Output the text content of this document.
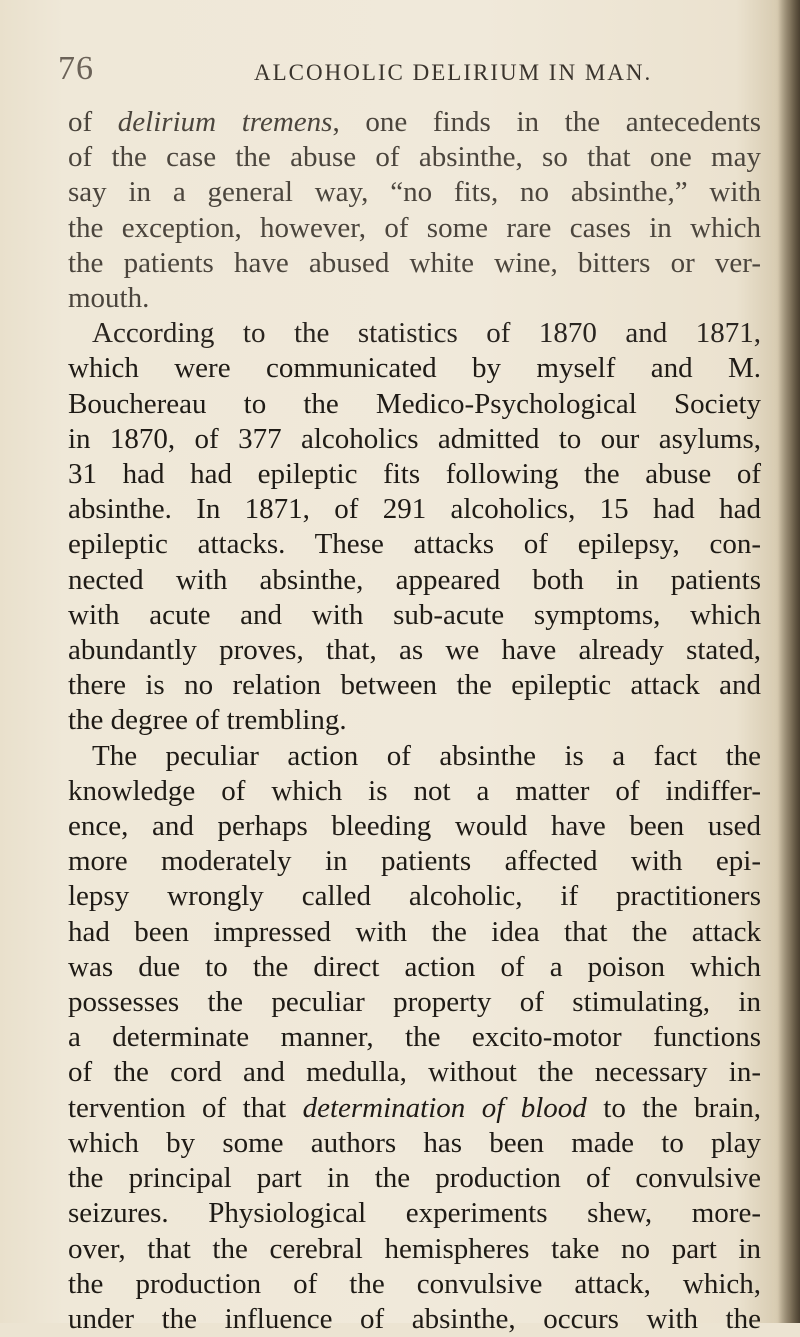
76	ALCOHOLIC DELIRIUM IN MAN.
of delirium tremens, one finds in the antecedents
of the case the abuse of absinthe, so that one may
say in a general way, “no fits, no absinthe,” with
the exception, however, of some rare cases in which
the patients have abused white wine, bitters or ver-
mouth.
According to the statistics of 1870 and 1871,
which were communicated by myself and M.
Bouchereau to the Medico-Psychological Society
in 1870, of 377 alcoholics admitted to our asylums,
31 had had epileptic fits following the abuse of
absinthe. In 1871, of 291 alcoholics, 15 had had
epileptic attacks. These attacks of epilepsy, con-
nected with absinthe, appeared both in patients
with acute and with sub-acute symptoms, which
abundantly proves, that, as we have already stated,
there is no relation between the epileptic attack and
the degree of trembling.
The peculiar action of absinthe is a fact the
knowledge of which is not a matter of indiffer-
ence, and perhaps bleeding would have been used
more moderately in patients affected with epi-
lepsy wrongly called alcoholic, if practitioners
had been impressed with the idea that the attack
was due to the direct action of a poison which
possesses the peculiar property of stimulating, in
a determinate manner, the excito-motor functions
of the cord and medulla, without the necessary in-
tervention of that determination of blood to the brain,
which by some authors has been made to play
the principal part in the production of convulsive
seizures. Physiological experiments shew, more-
over, that the cerebral hemispheres take no part in
the production of the convulsive attack, which,
under the influence of absinthe, occurs with the
